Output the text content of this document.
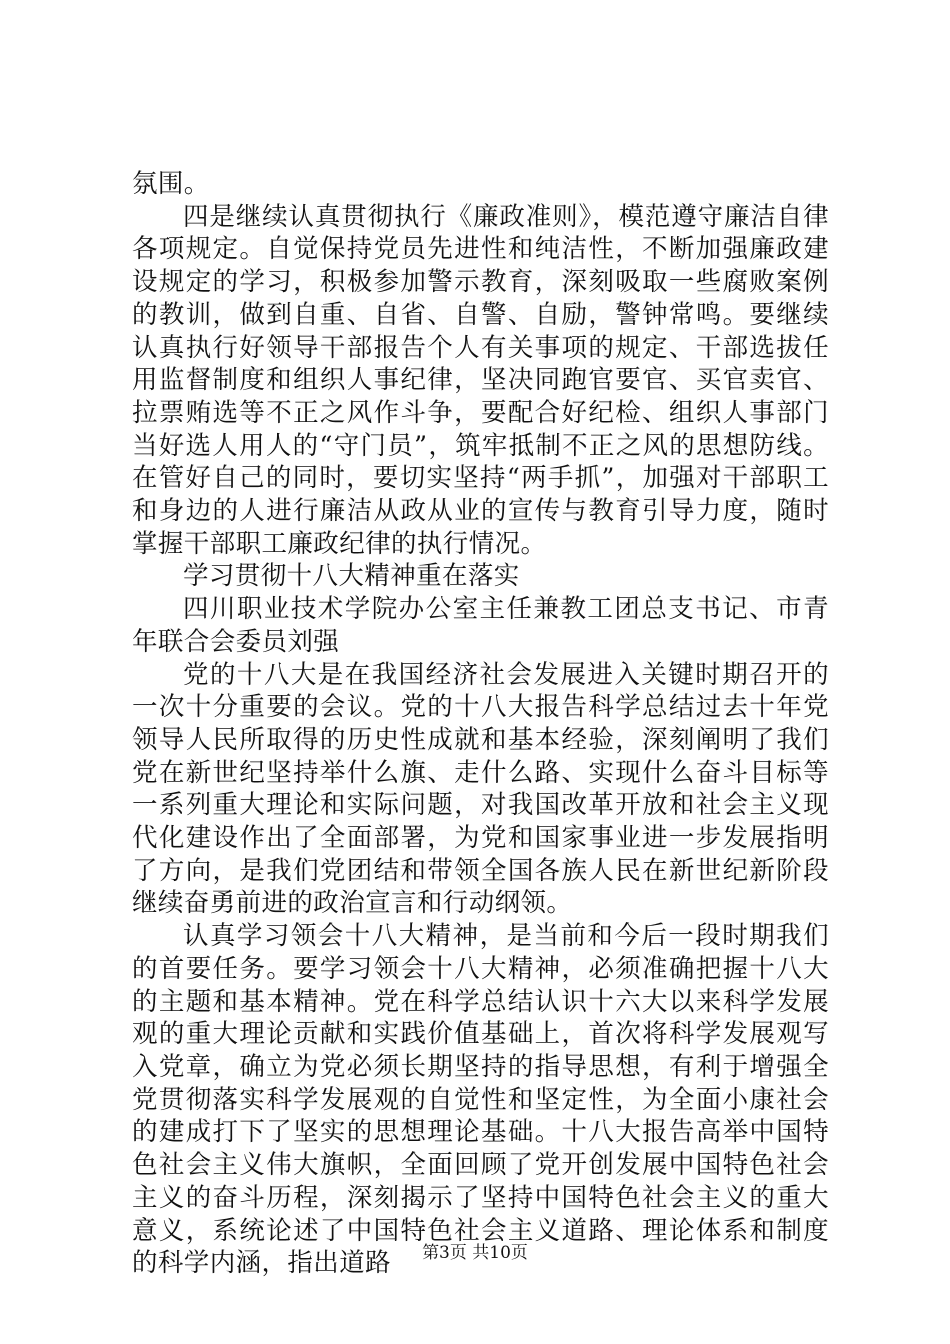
氛围。

四是继续认真贯彻执行《廉政准则》，模范遵守廉洁自律各项规定。自觉保持党员先进性和纯洁性，不断加强廉政建设规定的学习，积极参加警示教育，深刻吸取一些腐败案例的教训，做到自重、自省、自警、自励，警钟常鸣。要继续认真执行好领导干部报告个人有关事项的规定、干部选拔任用监督制度和组织人事纪律，坚决同跑官要官、买官卖官、拉票贿选等不正之风作斗争，要配合好纪检、组织人事部门当好选人用人的“守门员”，筑牢抵制不正之风的思想防线。在管好自己的同时，要切实坚持“两手抓”，加强对干部职工和身边的人进行廉洁从政从业的宣传与教育引导力度，随时掌握干部职工廉政纪律的执行情况。

学习贯彻十八大精神重在落实

四川职业技术学院办公室主任兼教工团总支书记、市青年联合会委员刘强

党的十八大是在我国经济社会发展进入关键时期召开的一次十分重要的会议。党的十八大报告科学总结过去十年党领导人民所取得的历史性成就和基本经验，深刻阐明了我们党在新世纪坚持举什么旗、走什么路、实现什么奋斗目标等一系列重大理论和实际问题，对我国改革开放和社会主义现代化建设作出了全面部署，为党和国家事业进一步发展指明了方向，是我们党团结和带领全国各族人民在新世纪新阶段继续奋勇前进的政治宣言和行动纲领。

认真学习领会十八大精神，是当前和今后一段时期我们的首要任务。要学习领会十八大精神，必须准确把握十八大的主题和基本精神。党在科学总结认识十六大以来科学发展观的重大理论贡献和实践价值基础上，首次将科学发展观写入党章，确立为党必须长期坚持的指导思想，有利于增强全党贯彻落实科学发展观的自觉性和坚定性，为全面小康社会的建成打下了坚实的思想理论基础。十八大报告高举中国特色社会主义伟大旗帜，全面回顾了党开创发展中国特色社会主义的奋斗历程，深刻揭示了坚持中国特色社会主义的重大意义，系统论述了中国特色社会主义道路、理论体系和制度的科学内涵，指出道路	第3页 共10页
